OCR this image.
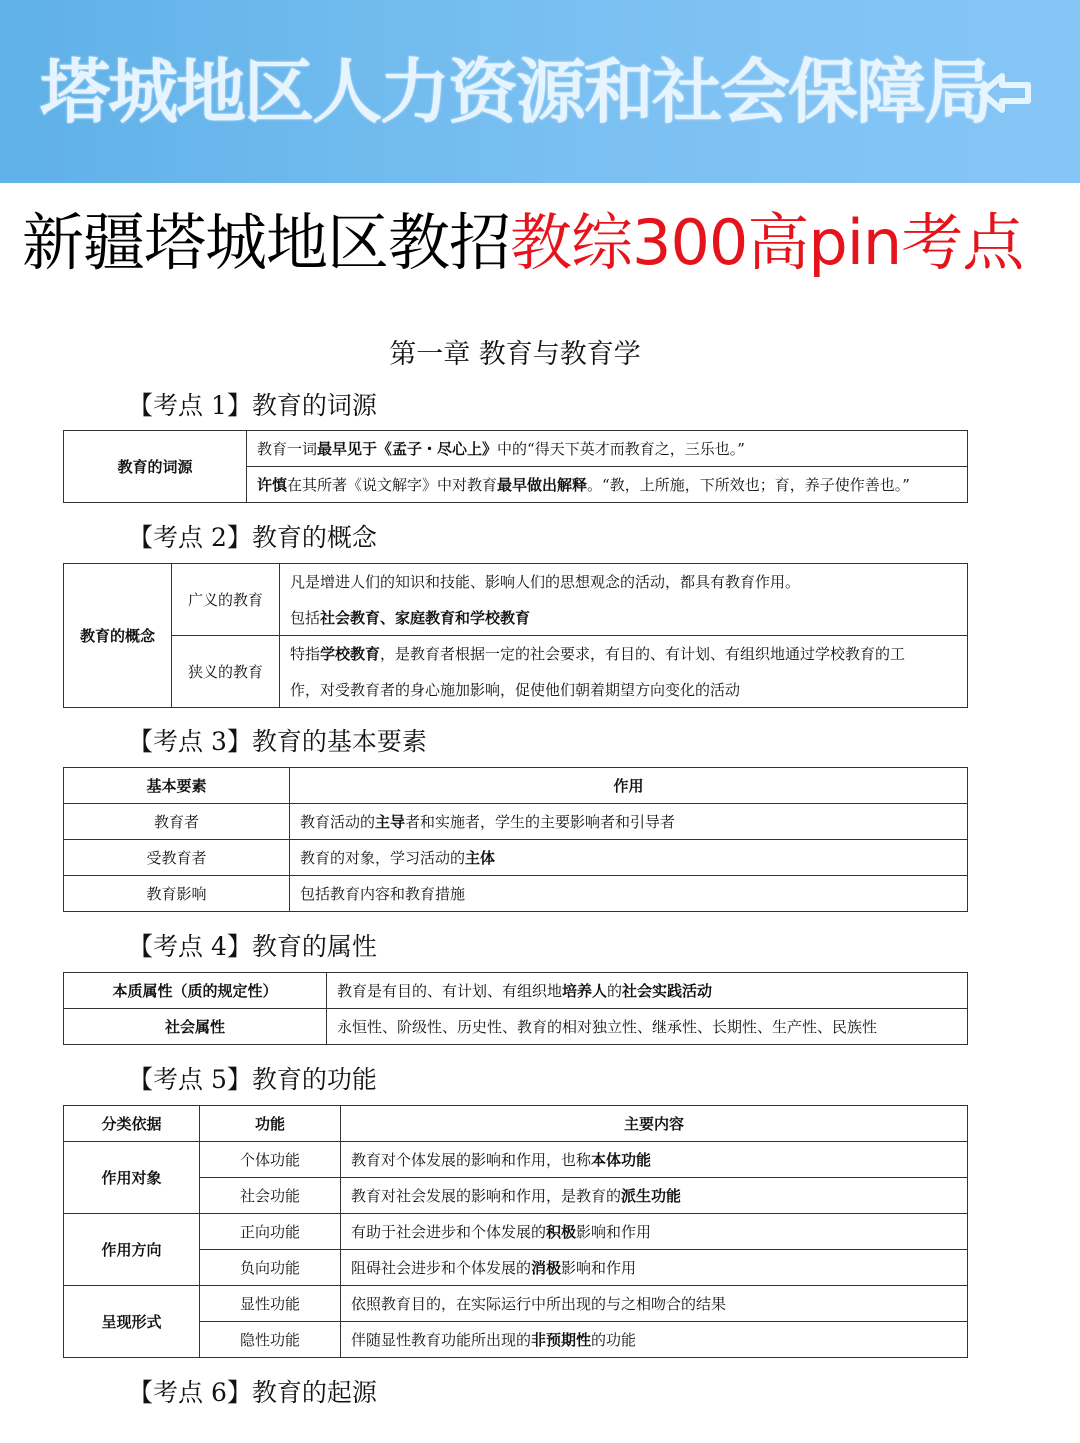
塔城地区人力资源和社会保障局
新疆塔城地区教招教综300高pin考点
第一章 教育与教育学
【考点 1】教育的词源
教育的词源	教育一词最早见于《孟子・尽心上》中的“得天下英才而教育之，三乐也。”
许慎在其所著《说文解字》中对教育最早做出解释。“教，上所施，下所效也；育，养子使作善也。”
【考点 2】教育的概念
教育的概念	广义的教育	凡是增进人们的知识和技能、影响人们的思想观念的活动，都具有教育作用。
		包括社会教育、家庭教育和学校教育
	狭义的教育	特指学校教育，是教育者根据一定的社会要求，有目的、有计划、有组织地通过学校教育的工
		作，对受教育者的身心施加影响，促使他们朝着期望方向变化的活动
【考点 3】教育的基本要素
基本要素	作用
教育者	教育活动的主导者和实施者，学生的主要影响者和引导者
受教育者	教育的对象，学习活动的主体
教育影响	包括教育内容和教育措施
【考点 4】教育的属性
本质属性（质的规定性）	教育是有目的、有计划、有组织地培养人的社会实践活动
社会属性	永恒性、阶级性、历史性、教育的相对独立性、继承性、长期性、生产性、民族性
【考点 5】教育的功能
分类依据	功能	主要内容
作用对象	个体功能	教育对个体发展的影响和作用，也称本体功能
	社会功能	教育对社会发展的影响和作用，是教育的派生功能
作用方向	正向功能	有助于社会进步和个体发展的积极影响和作用
	负向功能	阻碍社会进步和个体发展的消极影响和作用
呈现形式	显性功能	依照教育目的，在实际运行中所出现的与之相吻合的结果
	隐性功能	伴随显性教育功能所出现的非预期性的功能
【考点 6】教育的起源
